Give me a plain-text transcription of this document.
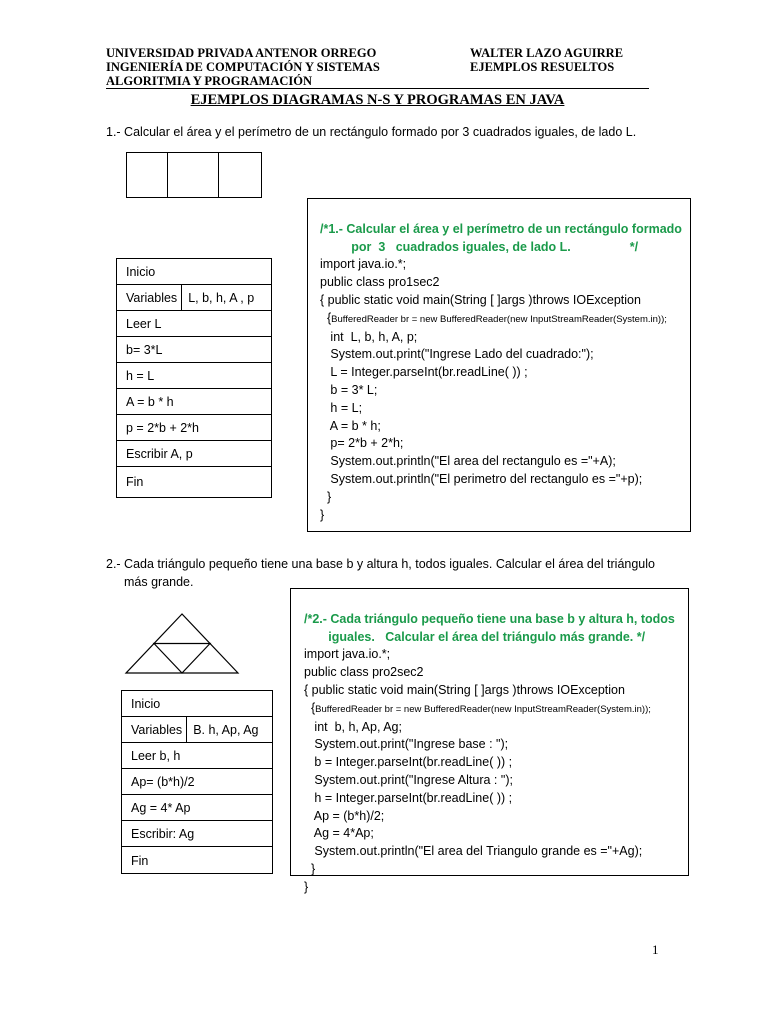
UNIVERSIDAD PRIVADA ANTENOR ORREGO
INGENIERÍA DE COMPUTACIÓN Y SISTEMAS
ALGORITMIA Y PROGRAMACIÓN
WALTER LAZO AGUIRRE
EJEMPLOS RESUELTOS
EJEMPLOS DIAGRAMAS N-S Y PROGRAMAS EN JAVA
1.- Calcular el área y el perímetro de un rectángulo formado por 3 cuadrados iguales, de lado L.
Inicio
Variables L, b, h, A , p
Leer L
b= 3*L
h = L
A = b * h
p = 2*b + 2*h
Escribir A, p
Fin

/*1.- Calcular el área y el perímetro de un rectángulo formado
por  3   cuadrados iguales, de lado L.                 */
import java.io.*;
public class pro1sec2
{ public static void main(String [ ]args )throws IOException
{BufferedReader br = new BufferedReader(new InputStreamReader(System.in));
int  L, b, h, A, p;
System.out.print("Ingrese Lado del cuadrado:");
L = Integer.parseInt(br.readLine( )) ;
b = 3* L;
h = L;
A = b * h;
p= 2*b + 2*h;
System.out.println("El area del rectangulo es ="+A);
System.out.println("El perimetro del rectangulo es ="+p);
}
}

2.- Cada triángulo pequeño tiene una base b y altura h, todos iguales. Calcular el área del triángulo
más grande.
Inicio
Variables B. h, Ap, Ag
Leer b, h
Ap= (b*h)/2
Ag = 4* Ap
Escribir: Ag
Fin

/*2.- Cada triángulo pequeño tiene una base b y altura h, todos
iguales.   Calcular el área del triángulo más grande. */
import java.io.*;
public class pro2sec2
{ public static void main(String [ ]args )throws IOException
{BufferedReader br = new BufferedReader(new InputStreamReader(System.in));
int  b, h, Ap, Ag;
System.out.print("Ingrese base : ");
b = Integer.parseInt(br.readLine( )) ;
System.out.print("Ingrese Altura : ");
h = Integer.parseInt(br.readLine( )) ;
Ap = (b*h)/2;
Ag = 4*Ap;
System.out.println("El area del Triangulo grande es ="+Ag);
}
}

1
